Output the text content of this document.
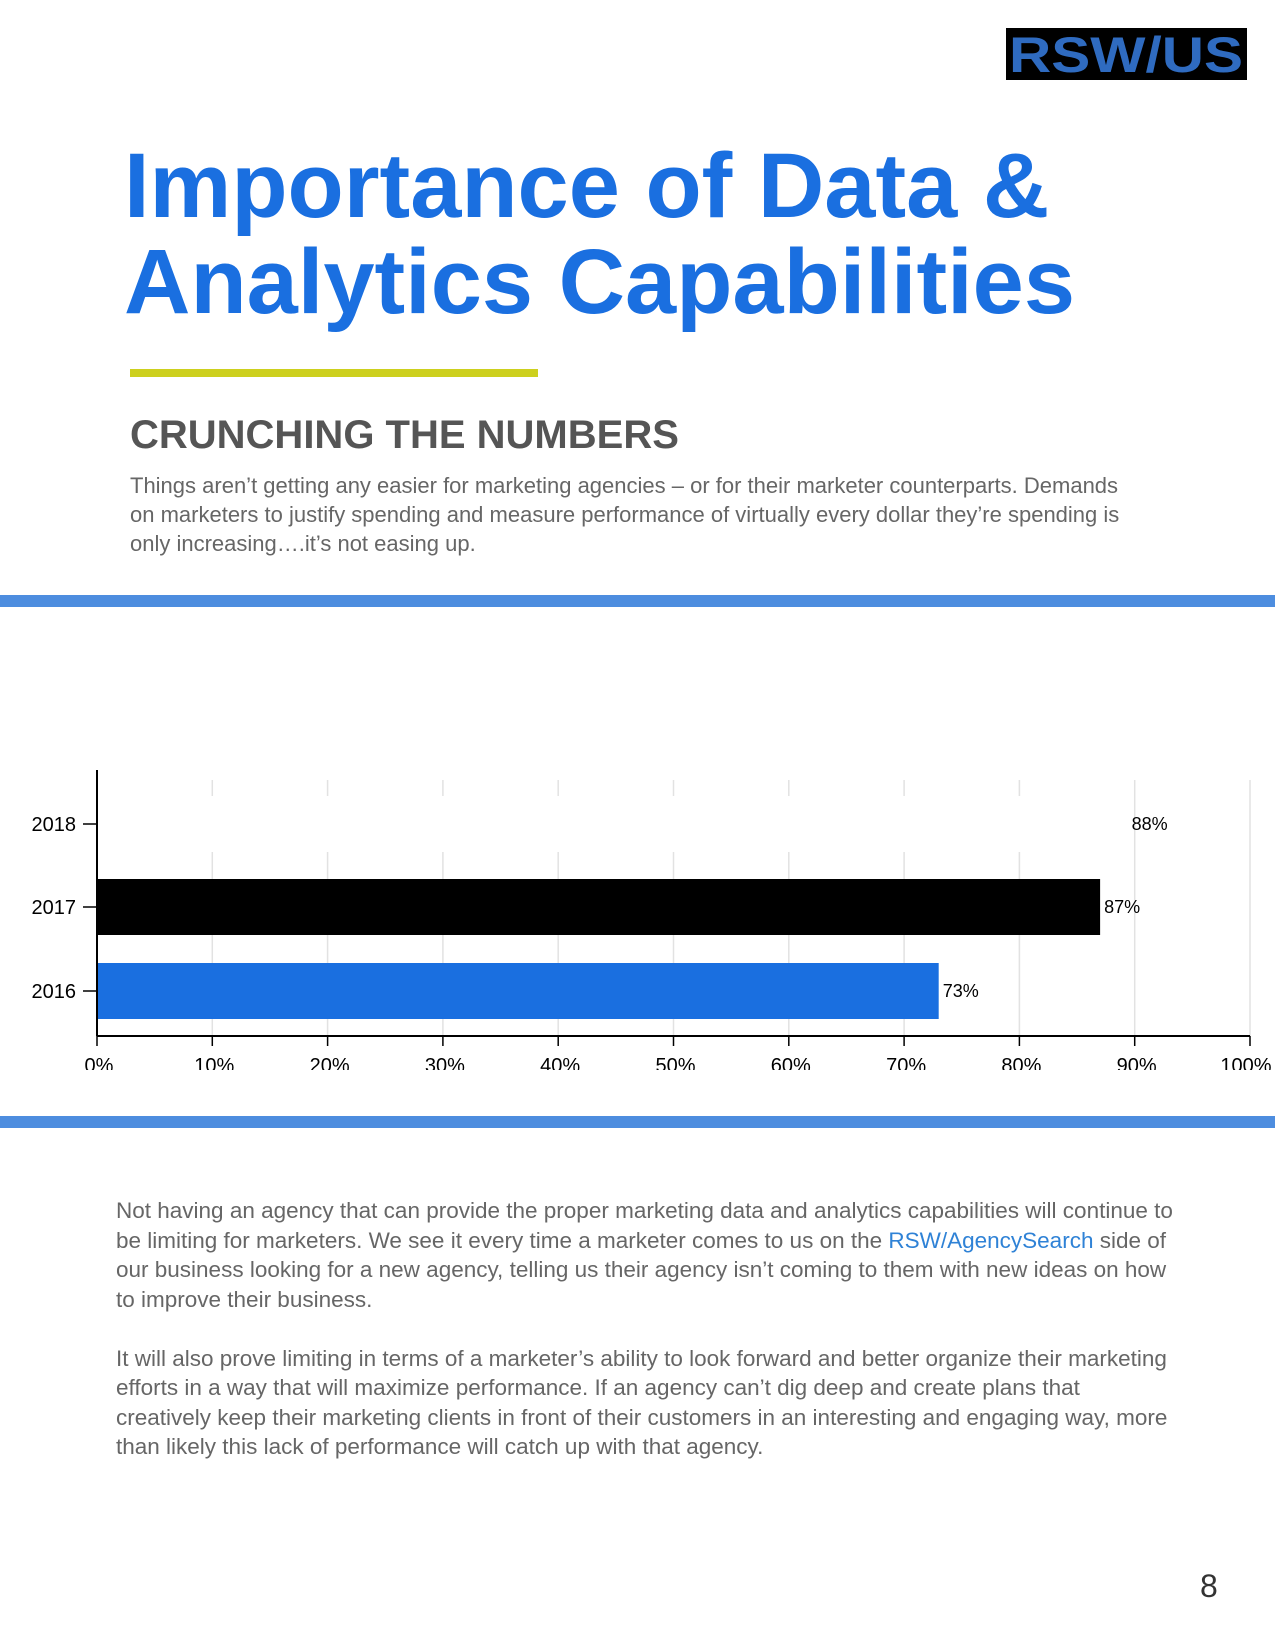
RSW/US
Importance of Data &
Analytics Capabilities
CRUNCHING THE NUMBERS

Things aren’t getting any easier for marketing agencies – or for their marketer counterparts. Demands on marketers to justify spending and measure performance of virtually every dollar they’re spending is only increasing….it’s not easing up.

88%
2018
87%
2017
73%
2016
0%	10%	20%	30%	40%	50%	60%	70%	80%	90%	100%

Not having an agency that can provide the proper marketing data and analytics capabilities will continue to be limiting for marketers. We see it every time a marketer comes to us on the RSW/AgencySearch side of our business looking for a new agency, telling us their agency isn’t coming to them with new ideas on how to improve their business.

It will also prove limiting in terms of a marketer’s ability to look forward and better organize their marketing efforts in a way that will maximize performance. If an agency can’t dig deep and create plans that creatively keep their marketing clients in front of their customers in an interesting and engaging way, more than likely this lack of performance will catch up with that agency.

8
